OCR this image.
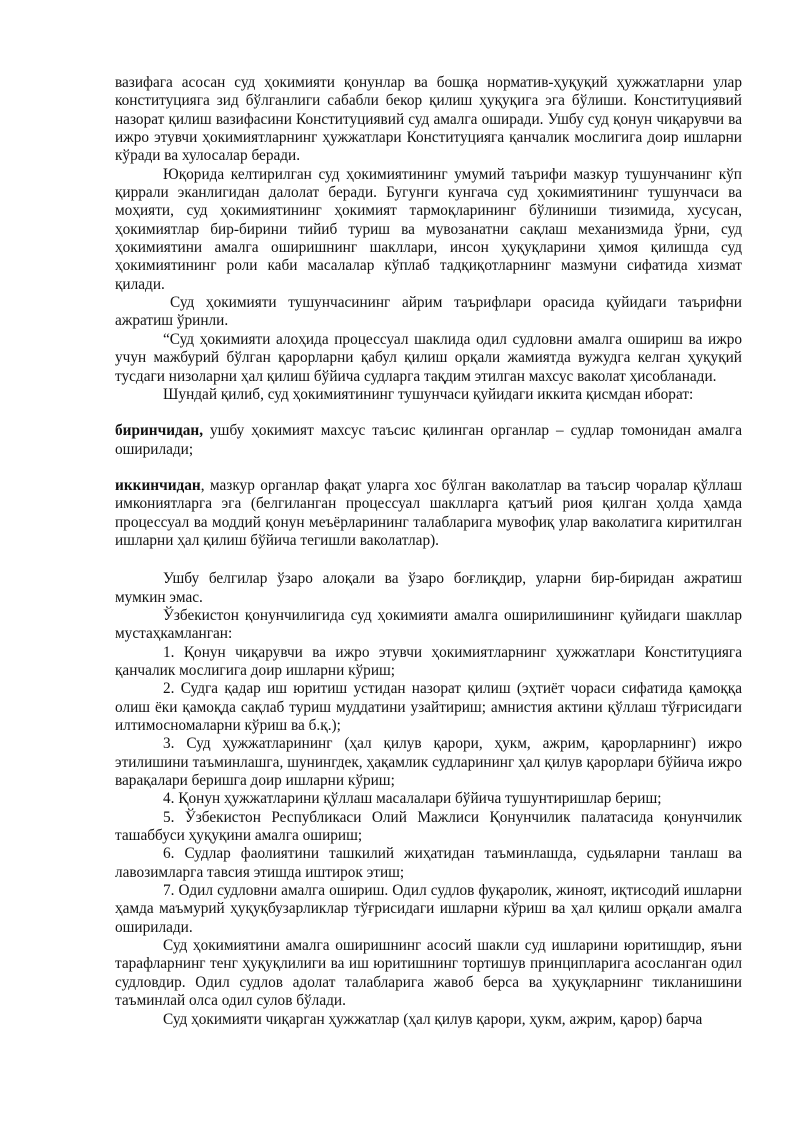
вазифага асосан суд ҳокимияти қонунлар ва бошқа норматив-ҳуқуқий ҳужжатларни улар конституцияга зид бўлганлиги сабабли бекор қилиш ҳуқуқига эга бўлиши. Конституциявий назорат қилиш вазифасини Конституциявий суд амалга оширади. Ушбу суд қонун чиқарувчи ва ижро этувчи ҳокимиятларнинг ҳужжатлари Конституцияга қанчалик мослигига доир ишларни кўради ва хулосалар беради.

Юқорида келтирилган суд ҳокимиятининг умумий таърифи мазкур тушунчанинг кўп қиррали эканлигидан далолат беради. Бугунги кунгача суд ҳокимиятининг тушунчаси ва моҳияти, суд ҳокимиятининг ҳокимият тармоқларининг бўлиниши тизимида, хусусан, ҳокимиятлар бир-бирини тийиб туриш ва мувозанатни сақлаш механизмида ўрни, суд ҳокимиятини амалга оширишнинг шакллари, инсон ҳуқуқларини ҳимоя қилишда суд ҳокимиятининг роли каби масалалар кўплаб тадқиқотларнинг мазмуни сифатида хизмат қилади.

Суд ҳокимияти тушунчасининг айрим таърифлари орасида қуйидаги таърифни ажратиш ўринли.

“Суд ҳокимияти алоҳида процессуал шаклида одил судловни амалга ошириш ва ижро учун мажбурий бўлган қарорларни қабул қилиш орқали жамиятда вужудга келган ҳуқуқий тусдаги низоларни ҳал қилиш бўйича судларга тақдим этилган махсус ваколат ҳисобланади.

Шундай қилиб, суд ҳокимиятининг тушунчаси қуйидаги иккита қисмдан иборат:

биринчидан, ушбу ҳокимият махсус таъсис қилинган органлар – судлар томонидан амалга оширилади;

иккинчидан, мазкур органлар фақат уларга хос бўлган ваколатлар ва таъсир чоралар қўллаш имкониятларга эга (белгиланган процессуал шаклларга қатъий риоя қилган ҳолда ҳамда процессуал ва моддий қонун меъёрларининг талабларига мувофиқ улар ваколатига киритилган ишларни ҳал қилиш бўйича тегишли ваколатлар).

Ушбу белгилар ўзаро алоқали ва ўзаро боғлиқдир, уларни бир-биридан ажратиш мумкин эмас.

Ўзбекистон қонунчилигида суд ҳокимияти амалга оширилишининг қуйидаги шакллар мустаҳкамланган:

1. Қонун чиқарувчи ва ижро этувчи ҳокимиятларнинг ҳужжатлари Конституцияга қанчалик мослигига доир ишларни кўриш;

2. Судга қадар иш юритиш устидан назорат қилиш (эҳтиёт чораси сифатида қамоққа олиш ёки қамоқда сақлаб туриш муддатини узайтириш; амнистия актини қўллаш тўғрисидаги илтимосномаларни кўриш ва б.қ.);

3. Суд ҳужжатларининг (ҳал қилув қарори, ҳукм, ажрим, қарорларнинг) ижро этилишини таъминлашга, шунингдек, ҳақамлик судларининг ҳал қилув қарорлари бўйича ижро варақалари беришга доир ишларни кўриш;

4. Қонун ҳужжатларини қўллаш масалалари бўйича тушунтиришлар бериш;

5. Ўзбекистон Республикаси Олий Мажлиси Қонунчилик палатасида қонунчилик ташаббуси ҳуқуқини амалга ошириш;

6. Судлар фаолиятини ташкилий жиҳатидан таъминлашда, судьяларни танлаш ва лавозимларга тавсия этишда иштирок этиш;

7. Одил судловни амалга ошириш. Одил судлов фуқаролик, жиноят, иқтисодий ишларни ҳамда маъмурий ҳуқуқбузарликлар тўғрисидаги ишларни кўриш ва ҳал қилиш орқали амалга оширилади.

Суд ҳокимиятини амалга оширишнинг асосий шакли суд ишларини юритишдир, яъни тарафларнинг тенг ҳуқуқлилиги ва иш юритишнинг тортишув принципларига асосланган одил судловдир. Одил судлов адолат талабларига жавоб берса ва ҳуқуқларнинг тикланишини таъминлай олса одил сулов бўлади.

Суд ҳокимияти чиқарган ҳужжатлар (ҳал қилув қарори, ҳукм, ажрим, қарор) барча
